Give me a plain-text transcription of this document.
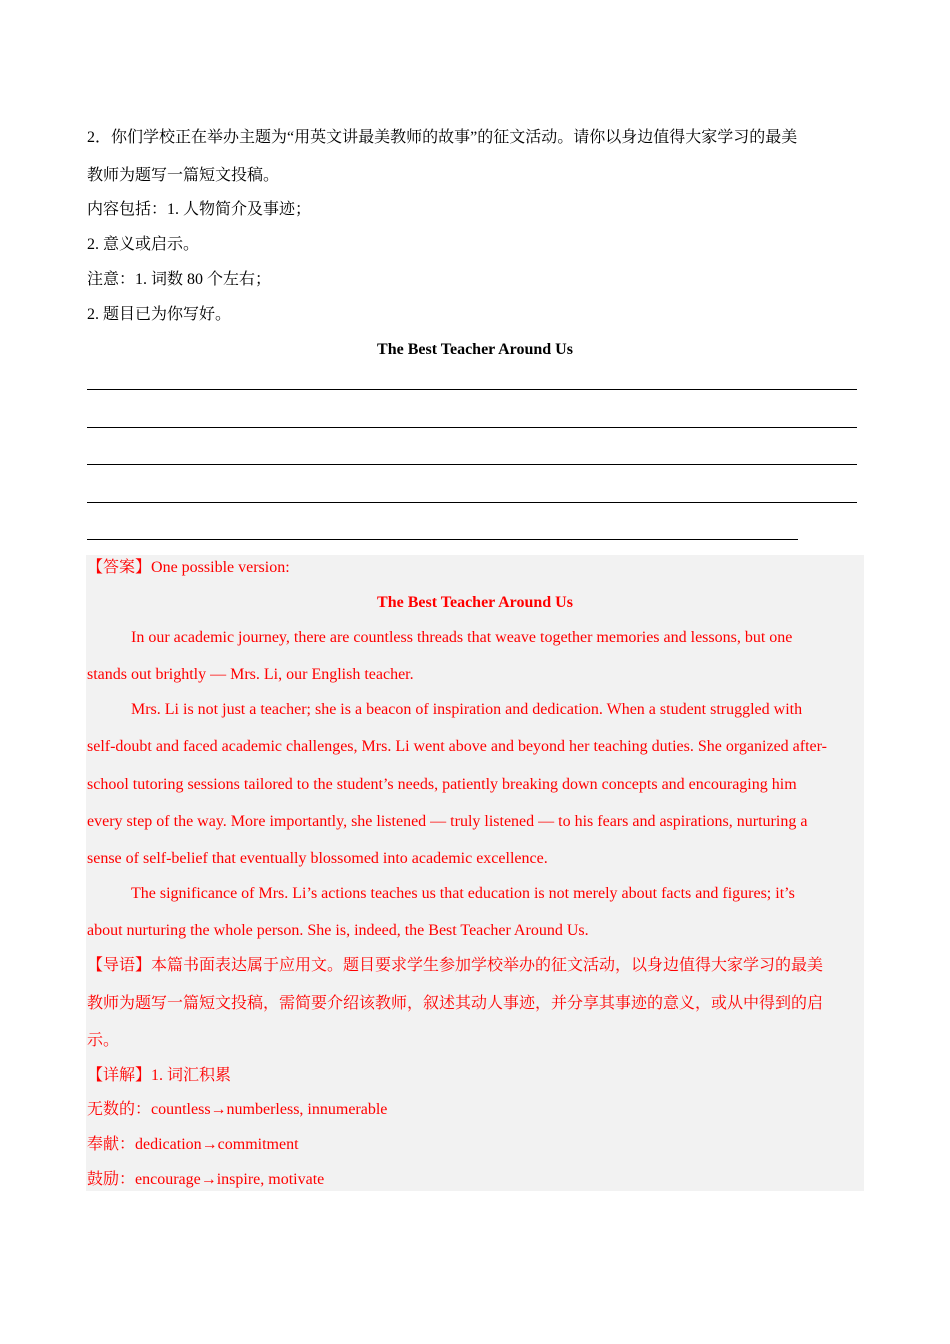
2．你们学校正在举办主题为“用英文讲最美教师的故事”的征文活动。请你以身边值得大家学习的最美
教师为题写一篇短文投稿。
内容包括：1. 人物简介及事迹；
2. 意义或启示。
注意：1. 词数 80 个左右；
2. 题目已为你写好。
The Best Teacher Around Us
【答案】One possible version:
The Best Teacher Around Us
In our academic journey, there are countless threads that weave together memories and lessons, but one
stands out brightly — Mrs. Li, our English teacher.
Mrs. Li is not just a teacher; she is a beacon of inspiration and dedication. When a student struggled with
self-doubt and faced academic challenges, Mrs. Li went above and beyond her teaching duties. She organized after-
school tutoring sessions tailored to the student’s needs, patiently breaking down concepts and encouraging him
every step of the way. More importantly, she listened — truly listened — to his fears and aspirations, nurturing a
sense of self-belief that eventually blossomed into academic excellence.
The significance of Mrs. Li’s actions teaches us that education is not merely about facts and figures; it’s
about nurturing the whole person. She is, indeed, the Best Teacher Around Us.
【导语】本篇书面表达属于应用文。题目要求学生参加学校举办的征文活动，以身边值得大家学习的最美
教师为题写一篇短文投稿，需简要介绍该教师，叙述其动人事迹，并分享其事迹的意义，或从中得到的启
示。
【详解】1. 词汇积累
无数的：countless→numberless, innumerable
奉献：dedication→commitment
鼓励：encourage→inspire, motivate
